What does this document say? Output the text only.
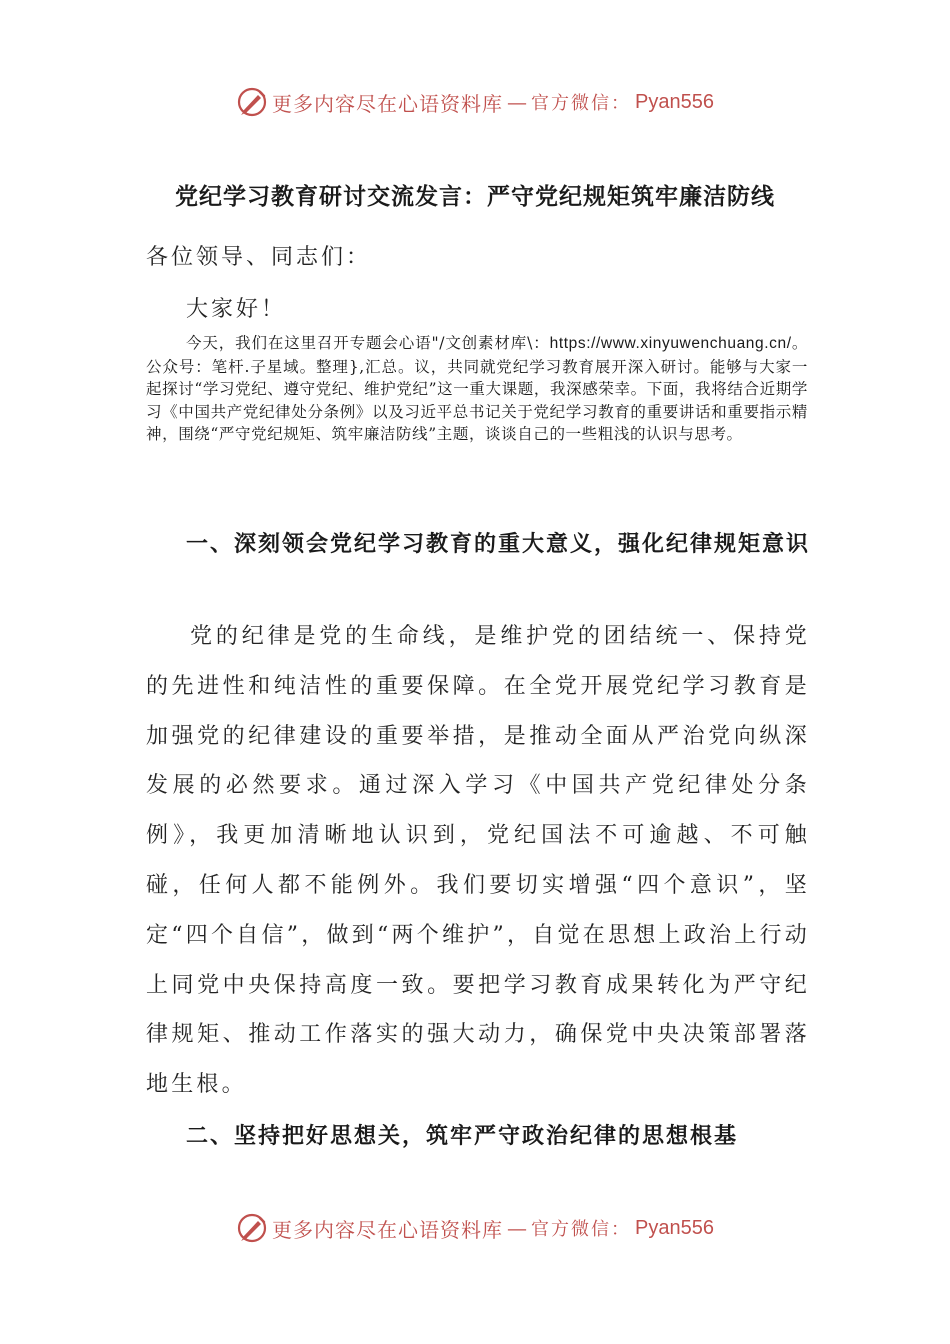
更多内容尽在心语资料库 — 官方微信： Pyan556
党纪学习教育研讨交流发言：严守党纪规矩筑牢廉洁防线
各位领导、同志们：
大家好！
今天，我们在这里召开专题会心语"/文创素材库\：https://www.xinyuwenchuang.cn/。公众号：笔杆.子星域。整理},汇总。议，共同就党纪学习教育展开深入研讨。能够与大家一起探讨“学习党纪、遵守党纪、维护党纪”这一重大课题，我深感荣幸。下面，我将结合近期学习《中国共产党纪律处分条例》以及习近平总书记关于党纪学习教育的重要讲话和重要指示精神，围绕“严守党纪规矩、筑牢廉洁防线”主题，谈谈自己的一些粗浅的认识与思考。
一、深刻领会党纪学习教育的重大意义，强化纪律规矩意识
党的纪律是党的生命线，是维护党的团结统一、保持党的先进性和纯洁性的重要保障。在全党开展党纪学习教育是加强党的纪律建设的重要举措，是推动全面从严治党向纵深发展的必然要求。通过深入学习《中国共产党纪律处分条例》，我更加清晰地认识到，党纪国法不可逾越、不可触碰，任何人都不能例外。我们要切实增强“四个意识”，坚定“四个自信”，做到“两个维护”，自觉在思想上政治上行动上同党中央保持高度一致。要把学习教育成果转化为严守纪律规矩、推动工作落实的强大动力，确保党中央决策部署落地生根。
二、坚持把好思想关，筑牢严守政治纪律的思想根基
更多内容尽在心语资料库 — 官方微信： Pyan556
